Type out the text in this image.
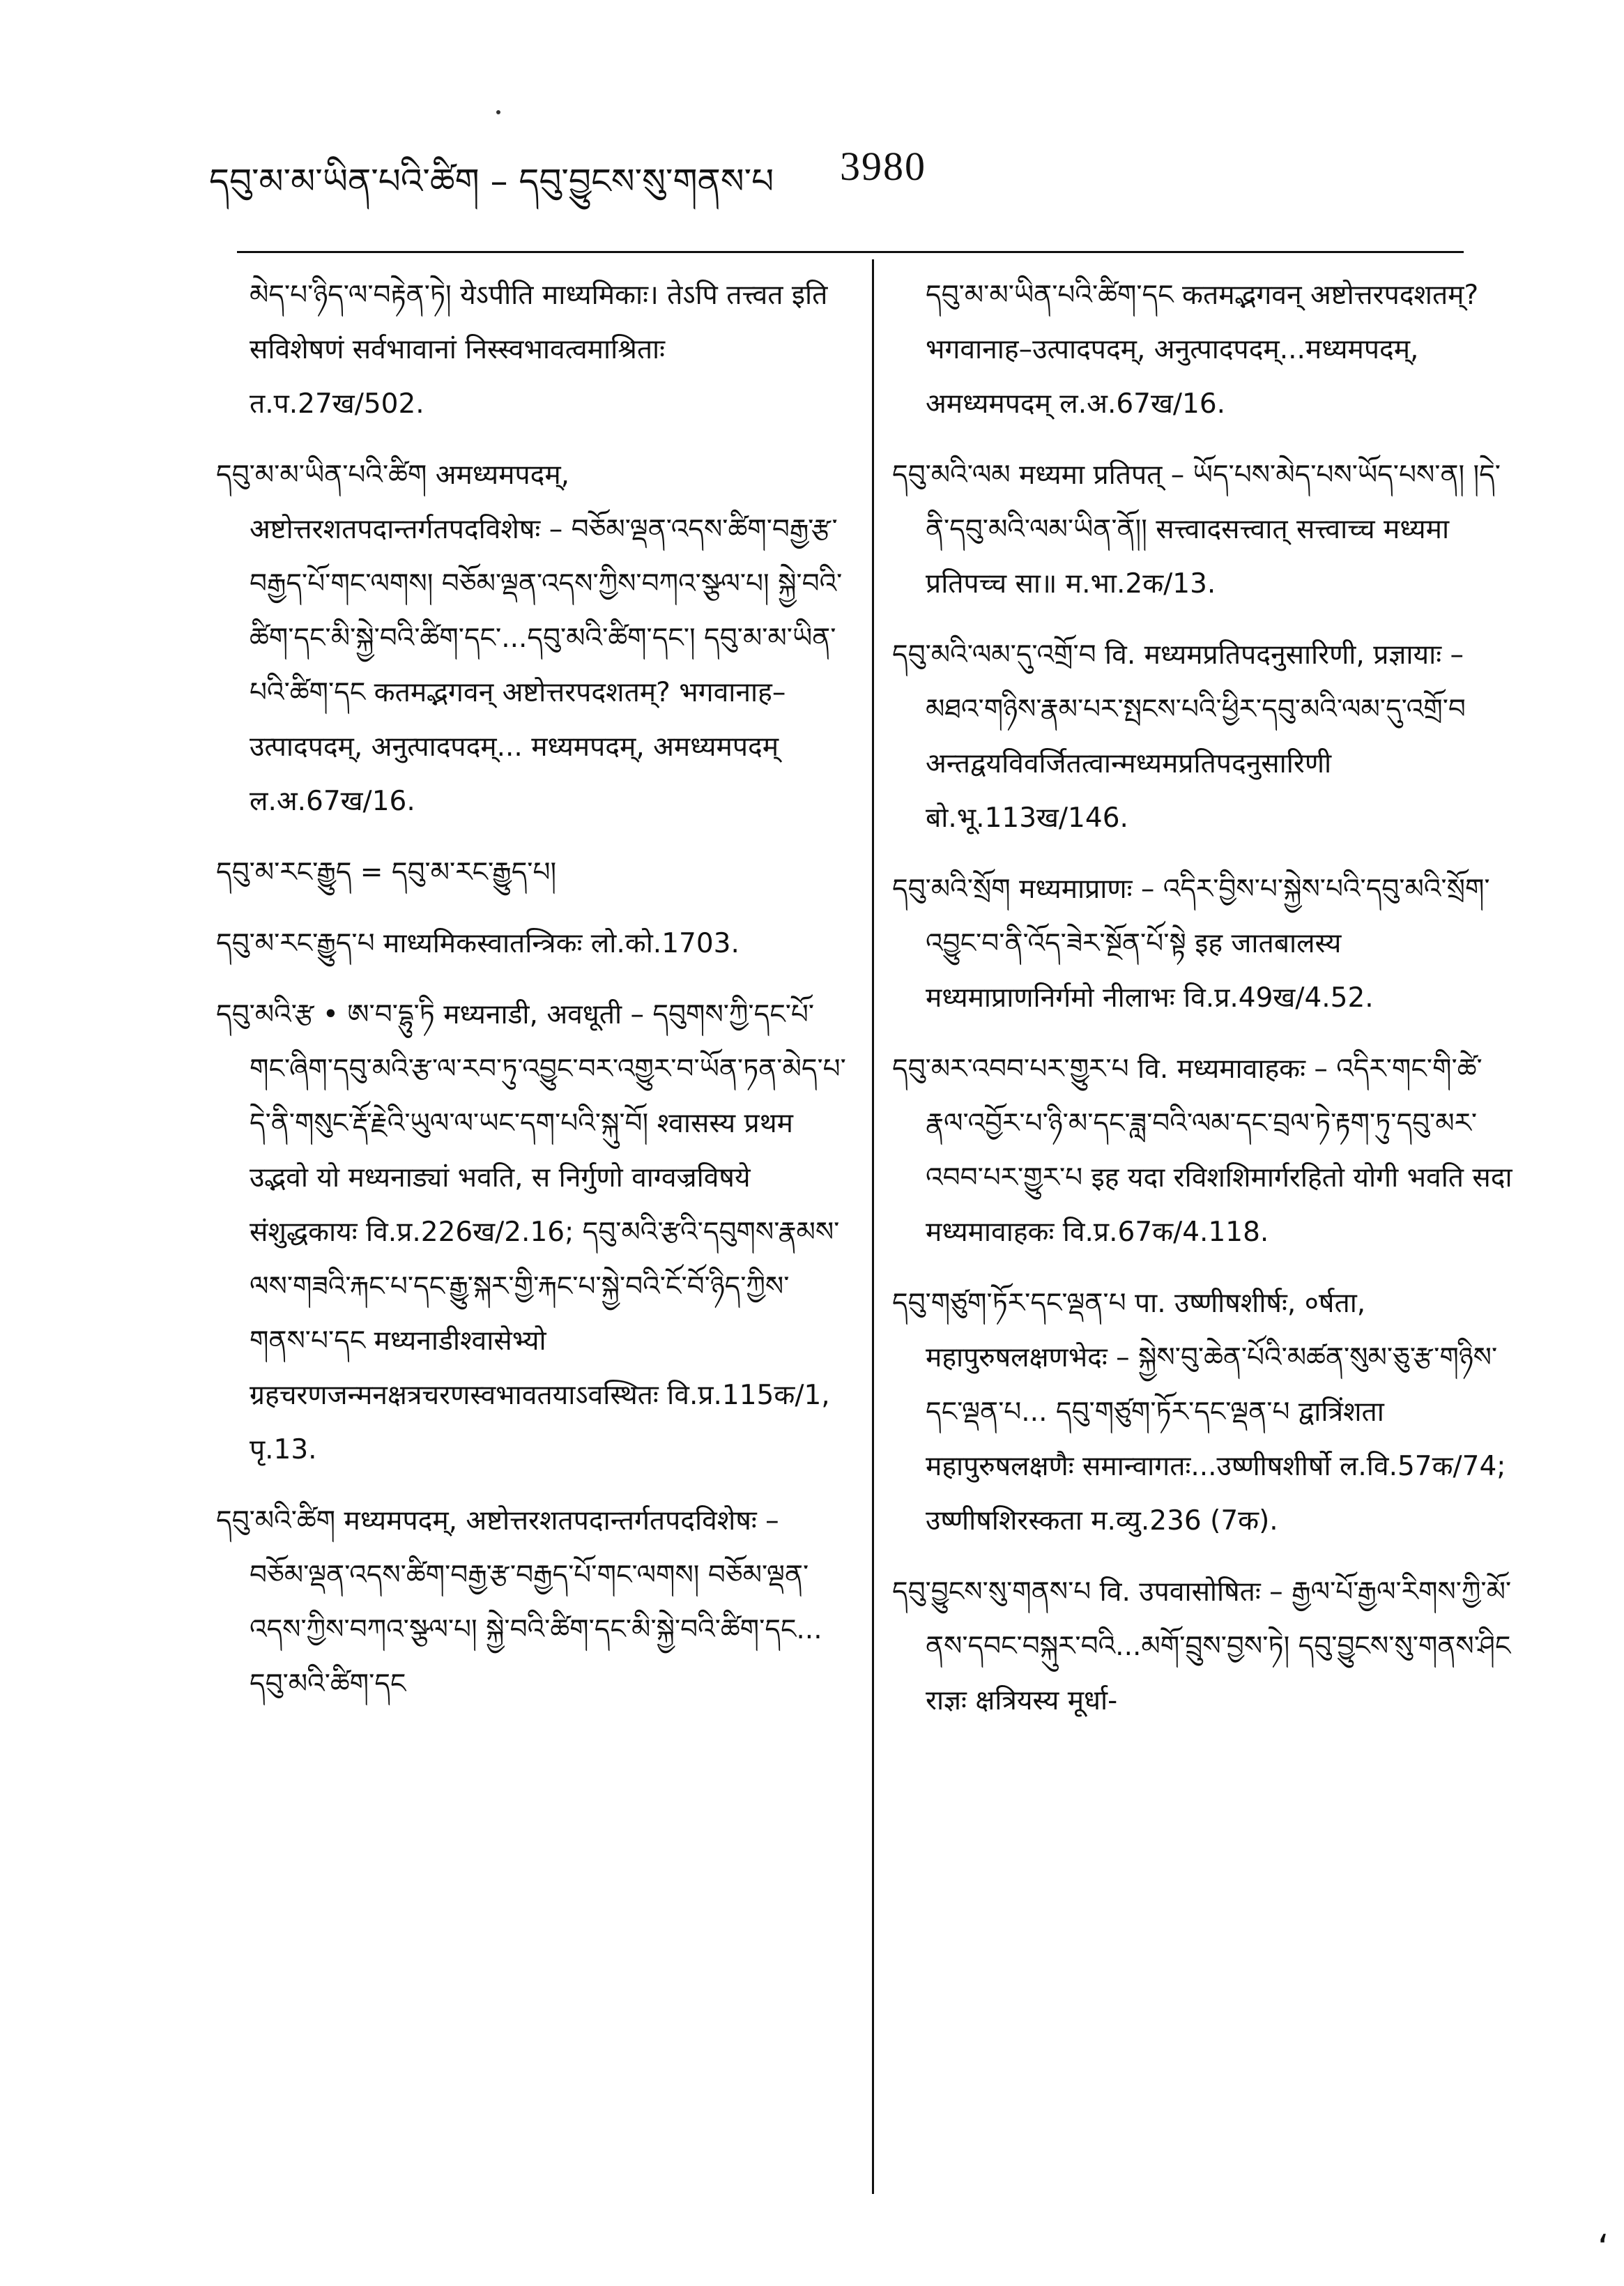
དབུ་མ་མ་ཡིན་པའི་ཚིག – དབུ་བྱུངས་སུ་གནས་པ 3980

མེད་པ་ཉིད་ལ་བརྟེན་ཏེ། येऽपीति माध्यमिकाः। तेऽपि तत्त्वत इति सविशेषणं सर्वभावानां निस्स्वभावत्वमाश्रिताः त.प.27ख/502.

དབུ་མ་མ་ཡིན་པའི་ཚིག अमध्यमपदम्, अष्टोत्तरशतपदान्तर्गतपदविशेषः – བཅོམ་ལྡན་འདས་ཚིག་བརྒྱ་རྩ་བརྒྱད་པོ་གང་ལགས། བཅོམ་ལྡན་འདས་ཀྱིས་བཀའ་སྩལ་པ། སྐྱེ་བའི་ཚིག་དང་མི་སྐྱེ་བའི་ཚིག་དང་...དབུ་མའི་ཚིག་དང་། དབུ་མ་མ་ཡིན་པའི་ཚིག་དང कतमद्भगवन् अष्टोत्तरपदशतम्? भगवानाह–उत्पादपदम्, अनुत्पादपदम्... मध्यमपदम्, अमध्यमपदम् ल.अ.67ख/16.

དབུ་མ་རང་རྒྱུད = དབུ་མ་རང་རྒྱུད་པ།

དབུ་མ་རང་རྒྱུད་པ माध्यमिकस्वातन्त्रिकः लो.को.1703.

དབུ་མའི་རྩ • ཨ་བ་དྷུ་ཏི मध्यनाडी, अवधूती – དབུགས་ཀྱི་དང་པོ་གང་ཞིག་དབུ་མའི་རྩ་ལ་རབ་ཏུ་འབྱུང་བར་འགྱུར་བ་ཡོན་ཏན་མེད་པ་དེ་ནི་གསུང་རྡོ་རྗེའི་ཡུལ་ལ་ཡང་དག་པའི་སྐུ་བོ། श्वासस्य प्रथम उद्भवो यो मध्यनाड्यां भवति, स निर्गुणो वाग्वज्रविषये संशुद्धकायः वि.प्र.226ख/2.16; དབུ་མའི་རྩའི་དབུགས་རྣམས་ལས་གཟའི་རྐང་པ་དང་རྒྱུ་སྐར་གྱི་རྐང་པ་སྐྱེ་བའི་ངོ་བོ་ཉིད་ཀྱིས་གནས་པ་དང मध्यनाडीश्वासेभ्यो ग्रहचरणजन्मनक्षत्रचरणस्वभावतयाऽवस्थितः वि.प्र.115क/1, पृ.13.

དབུ་མའི་ཚིག मध्यमपदम्, अष्टोत्तरशतपदान्तर्गतपदविशेषः – བཅོམ་ལྡན་འདས་ཚིག་བརྒྱ་རྩ་བརྒྱད་པོ་གང་ལགས། བཅོམ་ལྡན་འདས་ཀྱིས་བཀའ་སྩལ་པ། སྐྱེ་བའི་ཚིག་དང་མི་སྐྱེ་བའི་ཚིག་དང... དབུ་མའི་ཚིག་དང

དབུ་མ་མ་ཡིན་པའི་ཚིག་དང कतमद्भगवन् अष्टोत्तरपदशतम्? भगवानाह–उत्पादपदम्, अनुत्पादपदम्...मध्यमपदम्, अमध्यमपदम् ल.अ.67ख/16.

དབུ་མའི་ལམ मध्यमा प्रतिपत् – ཡོད་པས་མེད་པས་ཡོད་པས་ན། །དེ་ནི་དབུ་མའི་ལམ་ཡིན་ནོ།། सत्त्वादसत्त्वात् सत्त्वाच्च मध्यमा प्रतिपच्च सा॥ म.भा.2क/13.

དབུ་མའི་ལམ་དུ་འགྲོ་བ वि. मध्यमप्रतिपदनुसारिणी, प्रज्ञायाः – མཐའ་གཉིས་རྣམ་པར་སྤངས་པའི་ཕྱིར་དབུ་མའི་ལམ་དུ་འགྲོ་བ अन्तद्वयविवर्जितत्वान्मध्यमप्रतिपदनुसारिणी बो.भू.113ख/146.

དབུ་མའི་སྲོག मध्यमाप्राणः – འདིར་བྱིས་པ་སྐྱེས་པའི་དབུ་མའི་སྲོག་འབྱུང་བ་ནི་འོད་ཟེར་སྔོན་པོ་སྟེ इह जातबालस्य मध्यमाप्राणनिर्गमो नीलाभः वि.प्र.49ख/4.52.

དབུ་མར་འབབ་པར་གྱུར་པ वि. मध्यमावाहकः – འདིར་གང་གི་ཚེ་རྣལ་འབྱོར་པ་ཉི་མ་དང་ཟླ་བའི་ལམ་དང་བྲལ་ཏེ་རྟག་ཏུ་དབུ་མར་འབབ་པར་གྱུར་པ इह यदा रविशशिमार्गरहितो योगी भवति सदा मध्यमावाहकः वि.प्र.67क/4.118.

དབུ་གཙུག་ཏོར་དང་ལྡན་པ पा. उष्णीषशीर्षः, ०र्षता, महापुरुषलक्षणभेदः – སྐྱེས་བུ་ཆེན་པོའི་མཚན་སུམ་ཅུ་རྩ་གཉིས་དང་ལྡན་པ... དབུ་གཙུག་ཏོར་དང་ལྡན་པ द्वात्रिंशता महापुरुषलक्षणैः समान्वागतः...उष्णीषशीर्षो ल.वि.57क/74; उष्णीषशिरस्कता म.व्यु.236 (7क).

དབུ་བྱུངས་སུ་གནས་པ वि. उपवासोषितः – རྒྱལ་པོ་རྒྱལ་རིགས་ཀྱི་མོ་ནས་དབང་བསྐུར་བའི...མགོ་བྲུས་བྱས་ཏེ། དབུ་བྱུངས་སུ་གནས་ཤིང राज्ञः क्षत्रियस्य मूर्धा-

ʻ
